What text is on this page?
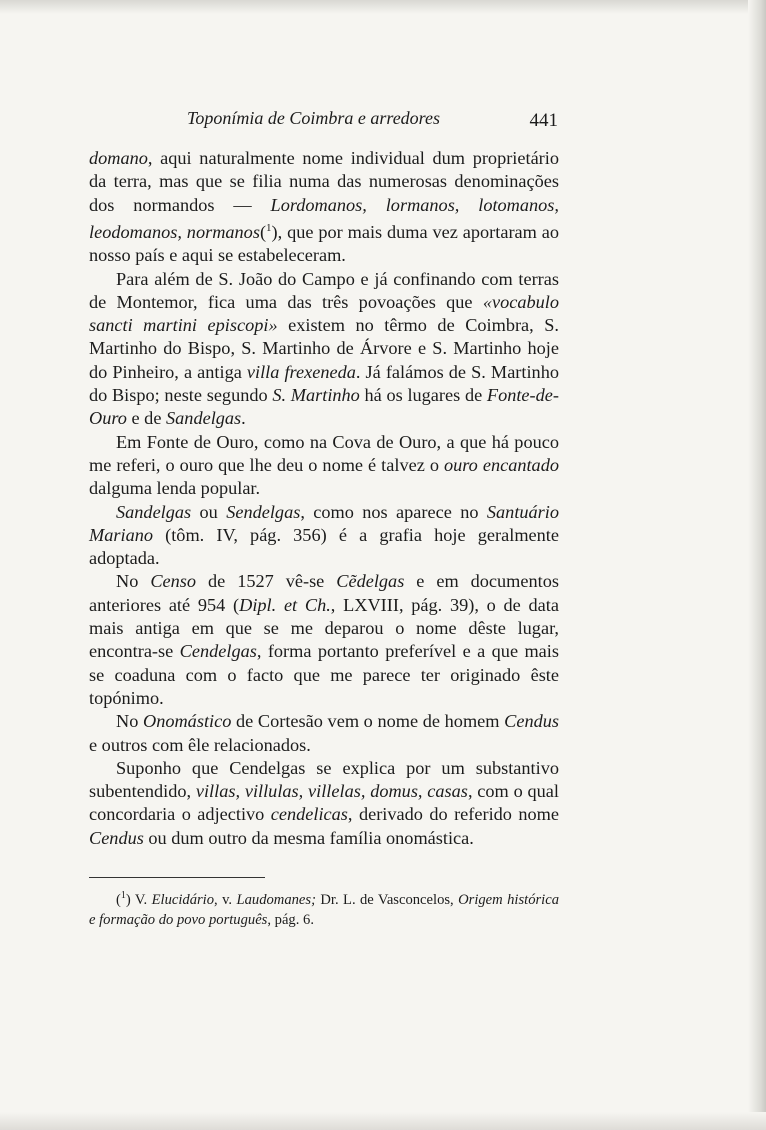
Toponímia de Coimbra e arredores	441

domano, aqui naturalmente nome individual dum proprietário da terra, mas que se filia numa das numerosas denominações dos normandos — Lordomanos, lormanos, lotomanos, leodomanos, normanos($^1$), que por mais duma vez aportaram ao nosso país e aqui se estabeleceram.

Para além de S. João do Campo e já confinando com terras de Montemor, fica uma das três povoações que «vocabulo sancti martini episcopi» existem no têrmo de Coimbra, S. Martinho do Bispo, S. Martinho de Árvore e S. Martinho hoje do Pinheiro, a antiga villa frexeneda. Já falámos de S. Martinho do Bispo; neste segundo S. Martinho há os lugares de Fonte-de-Ouro e de Sandelgas.

Em Fonte de Ouro, como na Cova de Ouro, a que há pouco me referi, o ouro que lhe deu o nome é talvez o ouro encantado dalguma lenda popular.

Sandelgas ou Sendelgas, como nos aparece no Santuário Mariano (tôm. IV, pág. 356) é a grafia hoje geralmente adoptada.

No Censo de 1527 vê-se Cẽdelgas e em documentos anteriores até 954 (Dipl. et Ch., LXVIII, pág. 39), o de data mais antiga em que se me deparou o nome dêste lugar, encontra-se Cendelgas, forma portanto preferível e a que mais se coaduna com o facto que me parece ter originado êste topónimo.

No Onomástico de Cortesão vem o nome de homem Cendus e outros com êle relacionados.

Suponho que Cendelgas se explica por um substantivo subentendido, villas, villulas, villelas, domus, casas, com o qual concordaria o adjectivo cendelicas, derivado do referido nome Cendus ou dum outro da mesma família onomástica.

($^1$) V. Elucidário, v. Laudomanes; Dr. L. de Vasconcelos, Origem histórica e formação do povo português, pág. 6.
